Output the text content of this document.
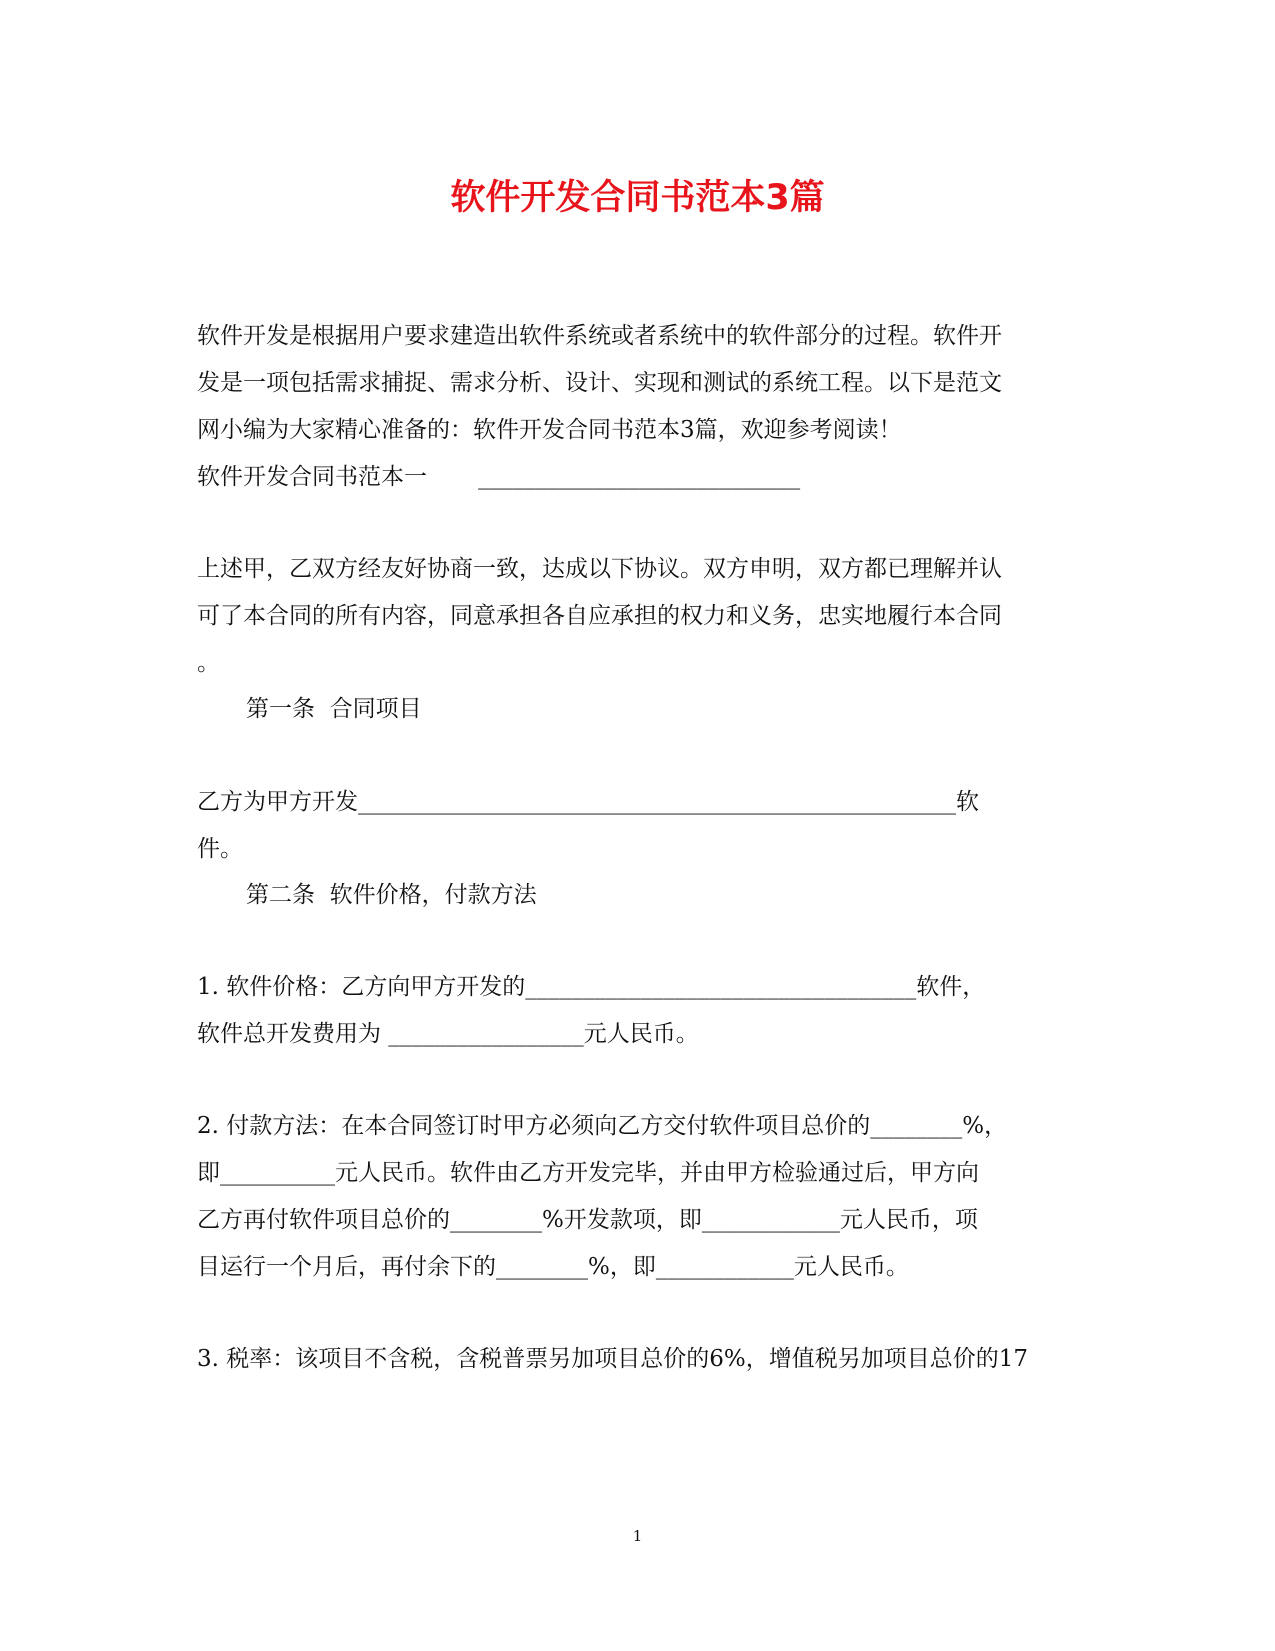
软件开发合同书范本3篇
软件开发是根据用户要求建造出软件系统或者系统中的软件部分的过程。软件开
发是一项包括需求捕捉、需求分析、设计、实现和测试的系统工程。以下是范文
网小编为大家精心准备的：软件开发合同书范本3篇，欢迎参考阅读！
软件开发合同书范本一       ____________________________
上述甲，乙双方经友好协商一致，达成以下协议。双方申明，双方都已理解并认
可了本合同的所有内容，同意承担各自应承担的权力和义务，忠实地履行本合同
。
第一条  合同项目
乙方为甲方开发____________________________________________________软
件。
第二条  软件价格，付款方法
1. 软件价格：乙方向甲方开发的__________________________________软件，
软件总开发费用为 _________________元人民币。
2. 付款方法：在本合同签订时甲方必须向乙方交付软件项目总价的________%，
即__________元人民币。软件由乙方开发完毕，并由甲方检验通过后，甲方向
乙方再付软件项目总价的________%开发款项，即____________元人民币，项
目运行一个月后，再付余下的________%，即____________元人民币。
3. 税率：该项目不含税，含税普票另加项目总价的6%，增值税另加项目总价的17
1
